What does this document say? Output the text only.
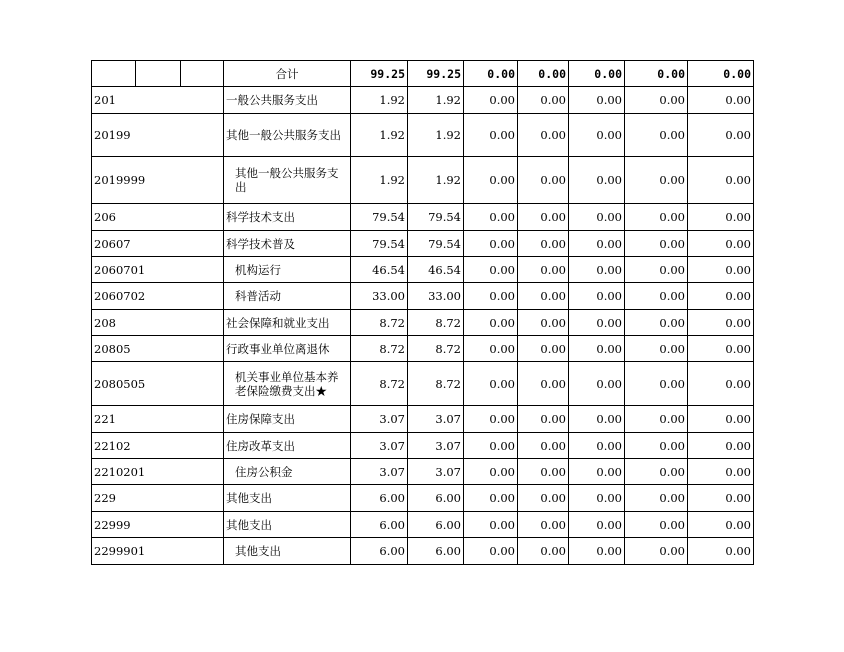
			合计	99.25	99.25	0.00	0.00	0.00	0.00	0.00
201			一般公共服务支出	1.92	1.92	0.00	0.00	0.00	0.00	0.00
20199			其他一般公共服务支出	1.92	1.92	0.00	0.00	0.00	0.00	0.00
2019999			其他一般公共服务支出	1.92	1.92	0.00	0.00	0.00	0.00	0.00
206			科学技术支出	79.54	79.54	0.00	0.00	0.00	0.00	0.00
20607			科学技术普及	79.54	79.54	0.00	0.00	0.00	0.00	0.00
2060701			机构运行	46.54	46.54	0.00	0.00	0.00	0.00	0.00
2060702			科普活动	33.00	33.00	0.00	0.00	0.00	0.00	0.00
208			社会保障和就业支出	8.72	8.72	0.00	0.00	0.00	0.00	0.00
20805			行政事业单位离退休	8.72	8.72	0.00	0.00	0.00	0.00	0.00
2080505			机关事业单位基本养老保险缴费支出★	8.72	8.72	0.00	0.00	0.00	0.00	0.00
221			住房保障支出	3.07	3.07	0.00	0.00	0.00	0.00	0.00
22102			住房改革支出	3.07	3.07	0.00	0.00	0.00	0.00	0.00
2210201			住房公积金	3.07	3.07	0.00	0.00	0.00	0.00	0.00
229			其他支出	6.00	6.00	0.00	0.00	0.00	0.00	0.00
22999			其他支出	6.00	6.00	0.00	0.00	0.00	0.00	0.00
2299901			其他支出	6.00	6.00	0.00	0.00	0.00	0.00	0.00
